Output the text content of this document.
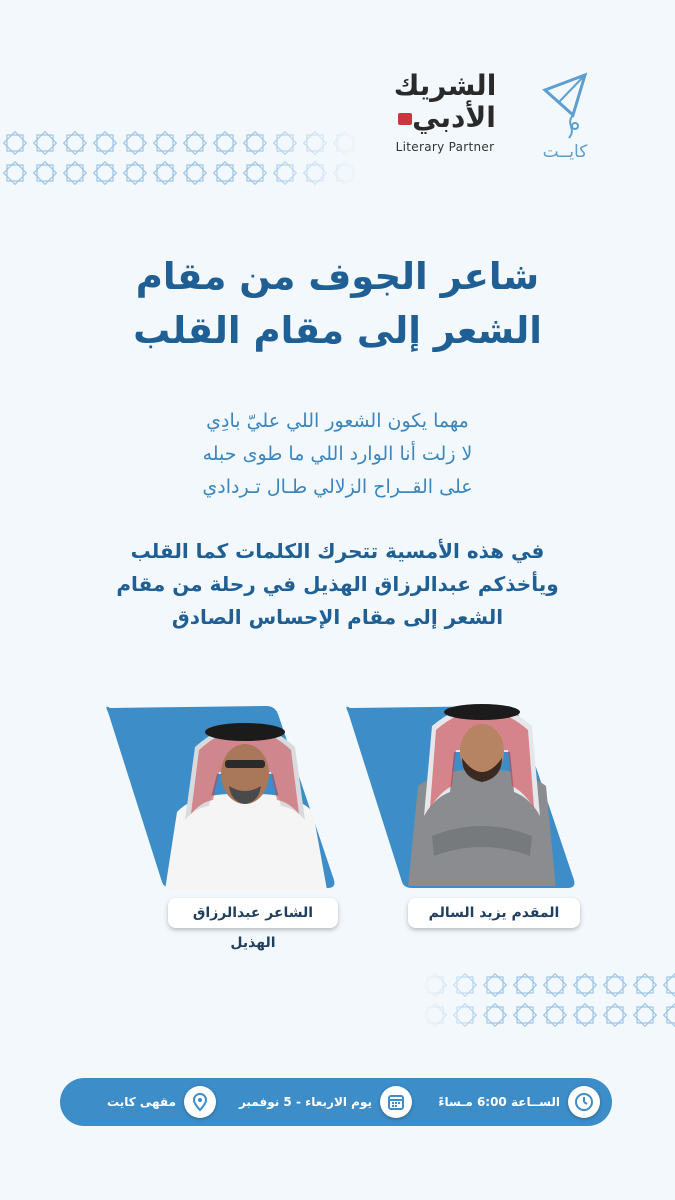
كايــت
الشريك
الأدبي
Literary Partner
شاعر الجوف من مقام
الشعر إلى مقام القلب
مهما يكون الشعور اللي عليّ بادِي
لا زلت أنا الوارد اللي ما طوى حبله
على القــراح الزلالي طـال تـردادي
في هذه الأمسية تتحرك الكلمات كما القلب
ويأخذكم عبدالرزاق الهذيل في رحلة من مقام
الشعر إلى مقام الإحساس الصادق
الشاعر عبدالرزاق الهذيل
المقدم يزيد السالم
الســاعة 6:00 مـساءً
يوم الاربعاء - 5 نوفمبر
مقهى كايت
